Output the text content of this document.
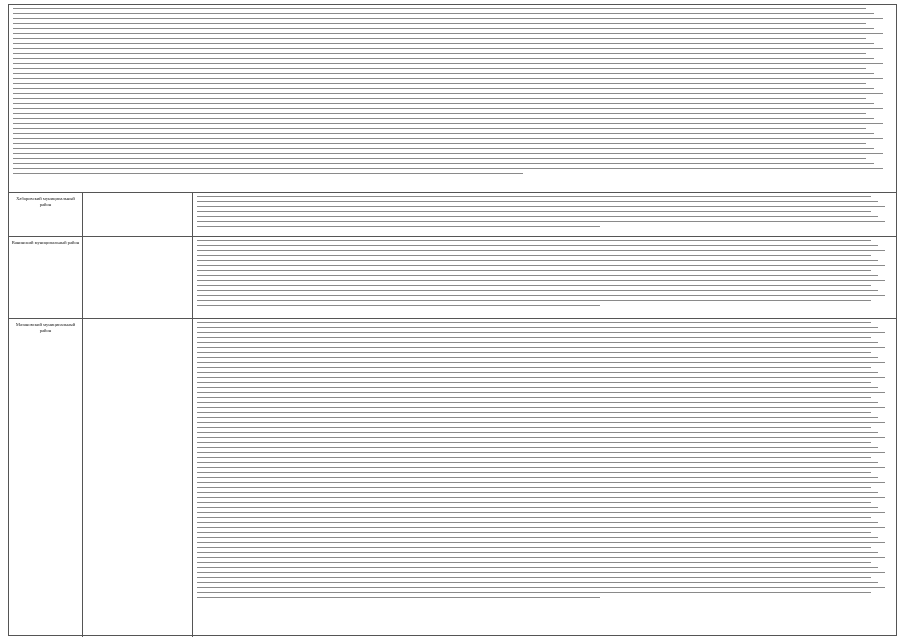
Хабаровский муниципальный район
Ванинский муниципальный район
Мазановский муниципальный район
